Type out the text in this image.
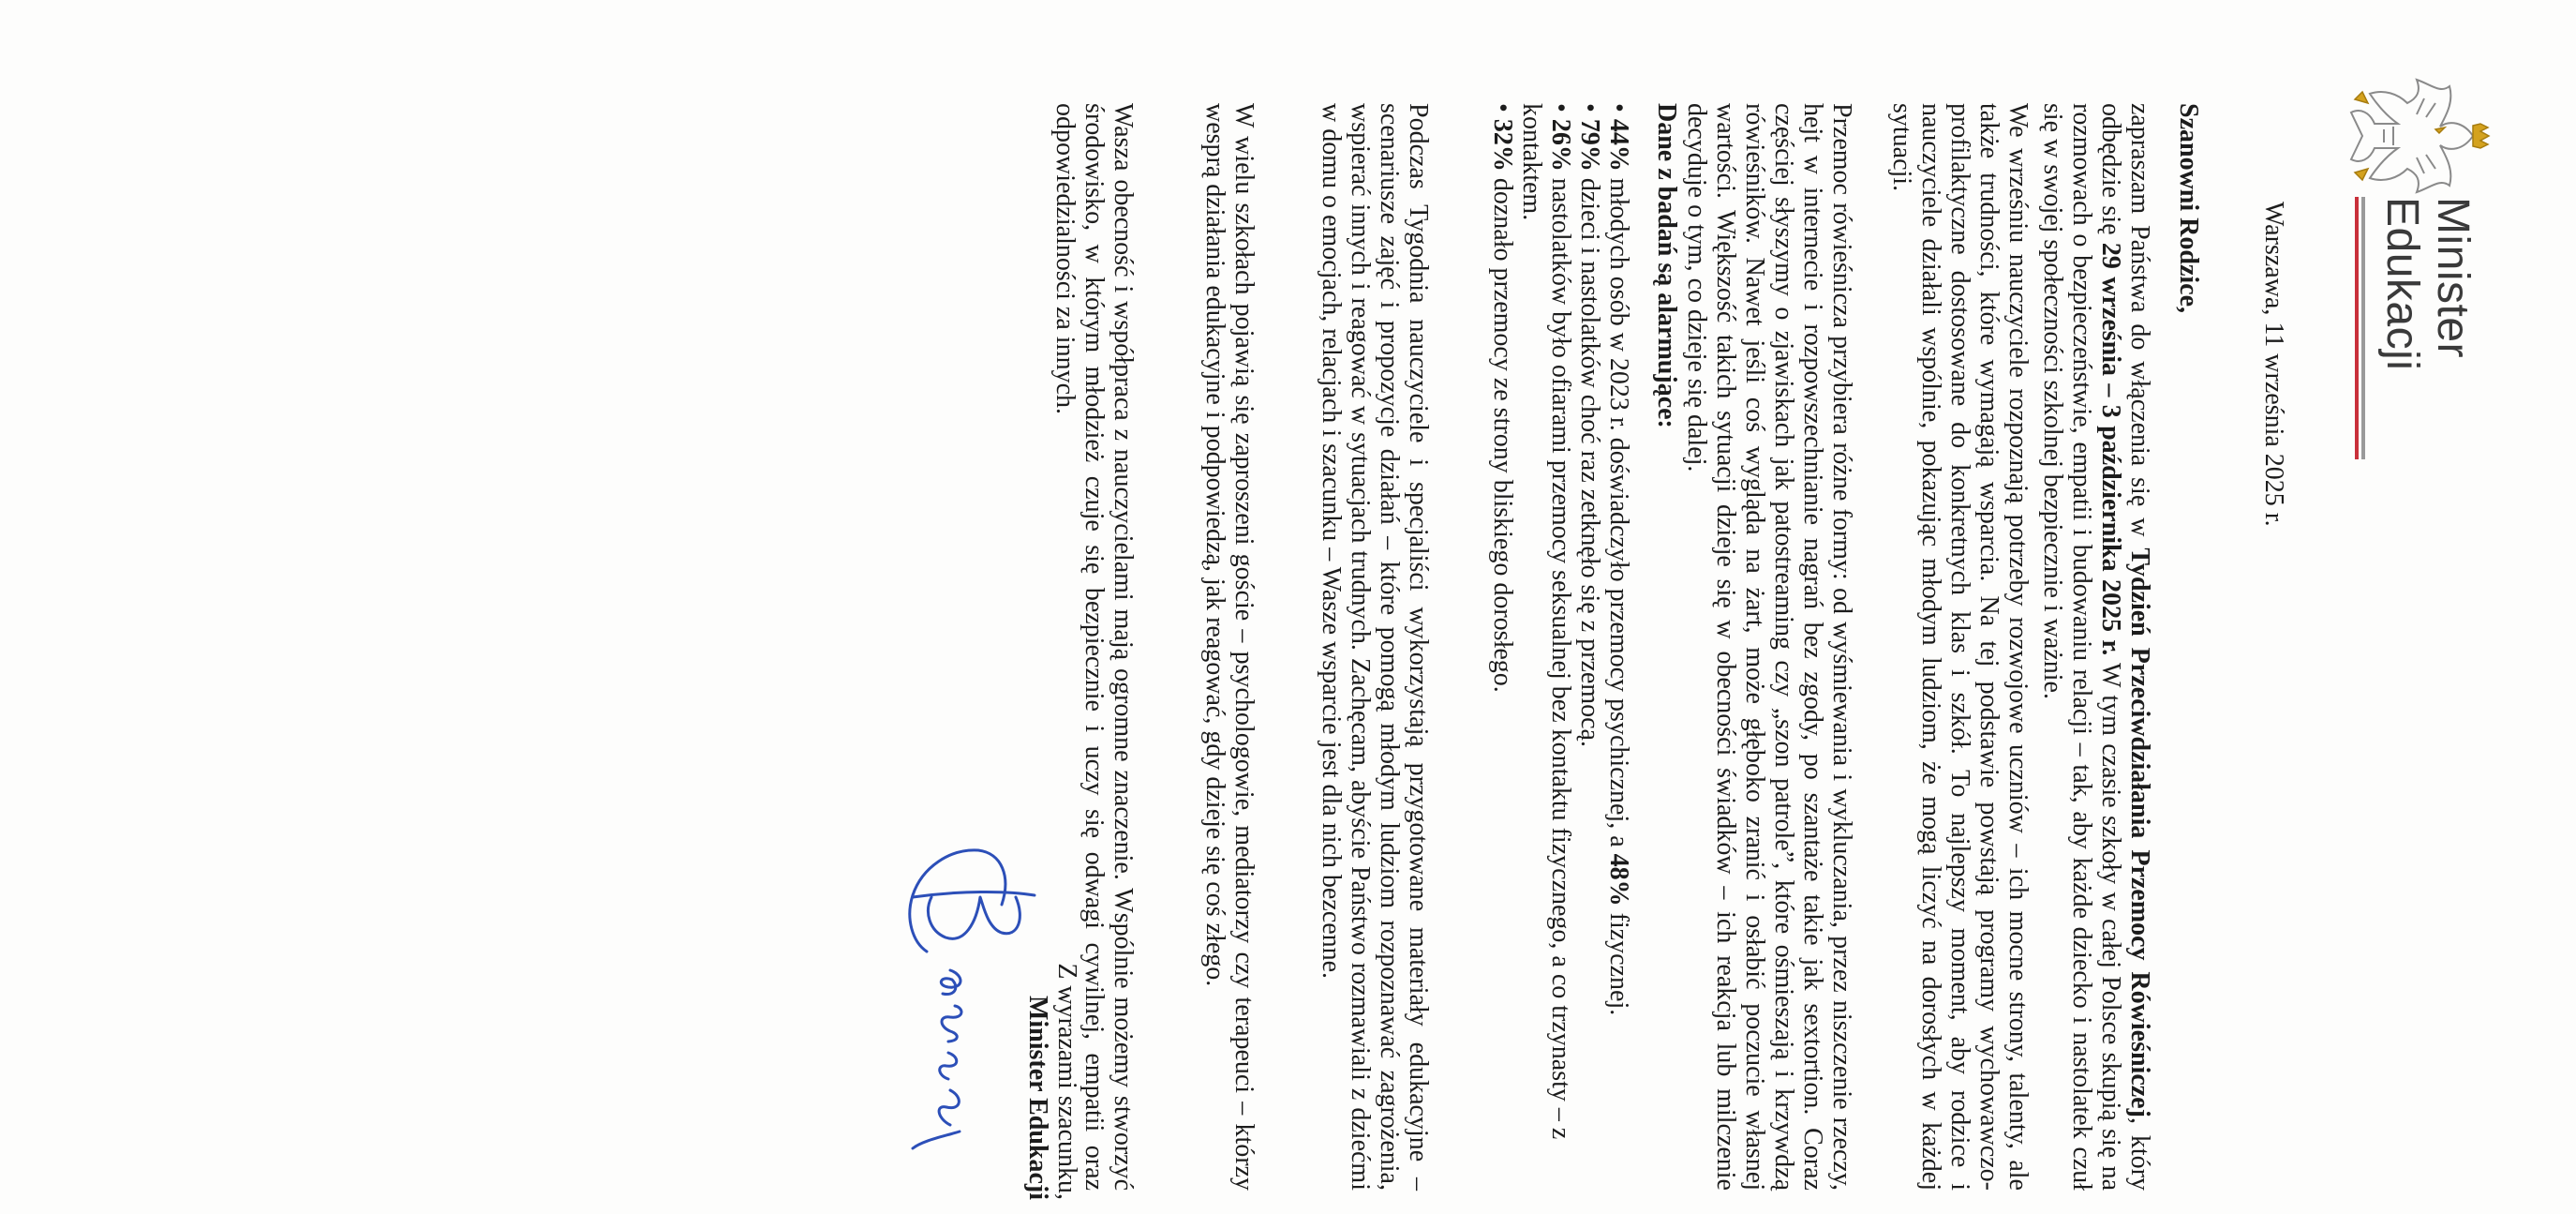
Minister
Edukacji
Warszawa, 11 września 2025 r.
Szanowni Rodzice,

zapraszam Państwa do włączenia się w Tydzień Przeciwdziałania Przemocy Rówieśniczej, który odbędzie się 29 września – 3 października 2025 r. W tym czasie szkoły w całej Polsce skupią się na rozmowach o bezpieczeństwie, empatii i budowaniu relacji – tak, aby każde dziecko i nastolatek czuł się w swojej społeczności szkolnej bezpiecznie i ważnie.

We wrześniu nauczyciele rozpoznają potrzeby rozwojowe uczniów – ich mocne strony, talenty, ale także trudności, które wymagają wsparcia. Na tej podstawie powstają programy wychowawczo-profilaktyczne dostosowane do konkretnych klas i szkół. To najlepszy moment, aby rodzice i nauczyciele działali wspólnie, pokazując młodym ludziom, że mogą liczyć na dorosłych w każdej sytuacji.

Przemoc rówieśnicza przybiera różne formy: od wyśmiewania i wykluczania, przez niszczenie rzeczy, hejt w internecie i rozpowszechnianie nagrań bez zgody, po szantaże takie jak sextortion. Coraz częściej słyszymy o zjawiskach jak patostreaming czy „szon patrole”, które ośmieszają i krzywdzą rówieśników. Nawet jeśli coś wygląda na żart, może głęboko zranić i osłabić poczucie własnej wartości. Większość takich sytuacji dzieje się w obecności świadków – ich reakcja lub milczenie decyduje o tym, co dzieje się dalej.

Dane z badań są alarmujące:
• 44% młodych osób w 2023 r. doświadczyło przemocy psychicznej, a 48% fizycznej.
• 79% dzieci i nastolatków choć raz zetknęło się z przemocą.
• 26% nastolatków było ofiarami przemocy seksualnej bez kontaktu fizycznego, a co trzynasty – z kontaktem.
• 32% doznało przemocy ze strony bliskiego dorosłego.

Podczas Tygodnia nauczyciele i specjaliści wykorzystają przygotowane materiały edukacyjne – scenariusze zajęć i propozycje działań – które pomogą młodym ludziom rozpoznawać zagrożenia, wspierać innych i reagować w sytuacjach trudnych. Zachęcam, abyście Państwo rozmawiali z dziećmi w domu o emocjach, relacjach i szacunku – Wasze wsparcie jest dla nich bezcenne.

W wielu szkołach pojawią się zaproszeni goście – psychologowie, mediatorzy czy terapeuci – którzy wesprą działania edukacyjne i podpowiedzą, jak reagować, gdy dzieje się coś złego.

Wasza obecność i współpraca z nauczycielami mają ogromne znaczenie. Wspólnie możemy stworzyć środowisko, w którym młodzież czuje się bezpiecznie i uczy się odwagi cywilnej, empatii oraz odpowiedzialności za innych.

Z wyrazami szacunku,
Minister Edukacji
